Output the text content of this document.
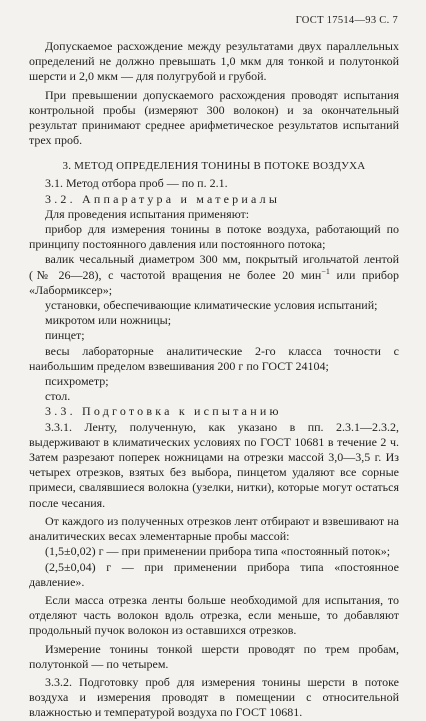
ГОСТ 17514—93 С. 7

Допускаемое расхождение между результатами двух параллельных определений не должно превышать 1,0 мкм для тонкой и полутонкой шерсти и 2,0 мкм — для полугрубой и грубой.

При превышении допускаемого расхождения проводят испытания контрольной пробы (измеряют 300 волокон) и за окончательный результат принимают среднее арифметическое результатов испытаний трех проб.

3. МЕТОД ОПРЕДЕЛЕНИЯ ТОНИНЫ В ПОТОКЕ ВОЗДУХА

3.1. Метод отбора проб — по п. 2.1.

3.2. Аппаратура и материалы

Для проведения испытания применяют:

прибор для измерения тонины в потоке воздуха, работающий по принципу постоянного давления или постоянного потока;

валик чесальный диаметром 300 мм, покрытый игольчатой лентой (№ 26—28), с частотой вращения не более 20 мин$^{-1}$ или прибор «Лабормиксер»;

установки, обеспечивающие климатические условия испытаний;

микротом или ножницы;

пинцет;

весы лабораторные аналитические 2-го класса точности с наибольшим пределом взвешивания 200 г по ГОСТ 24104;

психрометр;

стол.

3.3. Подготовка к испытанию

3.3.1. Ленту, полученную, как указано в пп. 2.3.1—2.3.2, выдерживают в климатических условиях по ГОСТ 10681 в течение 2 ч. Затем разрезают поперек ножницами на отрезки массой 3,0—3,5 г. Из четырех отрезков, взятых без выбора, пинцетом удаляют все сорные примеси, свалявшиеся волокна (узелки, нитки), которые могут остаться после чесания.

От каждого из полученных отрезков лент отбирают и взвешивают на аналитических весах элементарные пробы массой:

(1,5±0,02) г — при применении прибора типа «постоянный поток»;

(2,5±0,04) г — при применении прибора типа «постоянное давление».

Если масса отрезка ленты больше необходимой для испытания, то отделяют часть волокон вдоль отрезка, если меньше, то добавляют продольный пучок волокон из оставшихся отрезков.

Измерение тонины тонкой шерсти проводят по трем пробам, полутонкой — по четырем.

3.3.2. Подготовку проб для измерения тонины шерсти в потоке воздуха и измерения проводят в помещении с относительной влажностью и температурой воздуха по ГОСТ 10681.
